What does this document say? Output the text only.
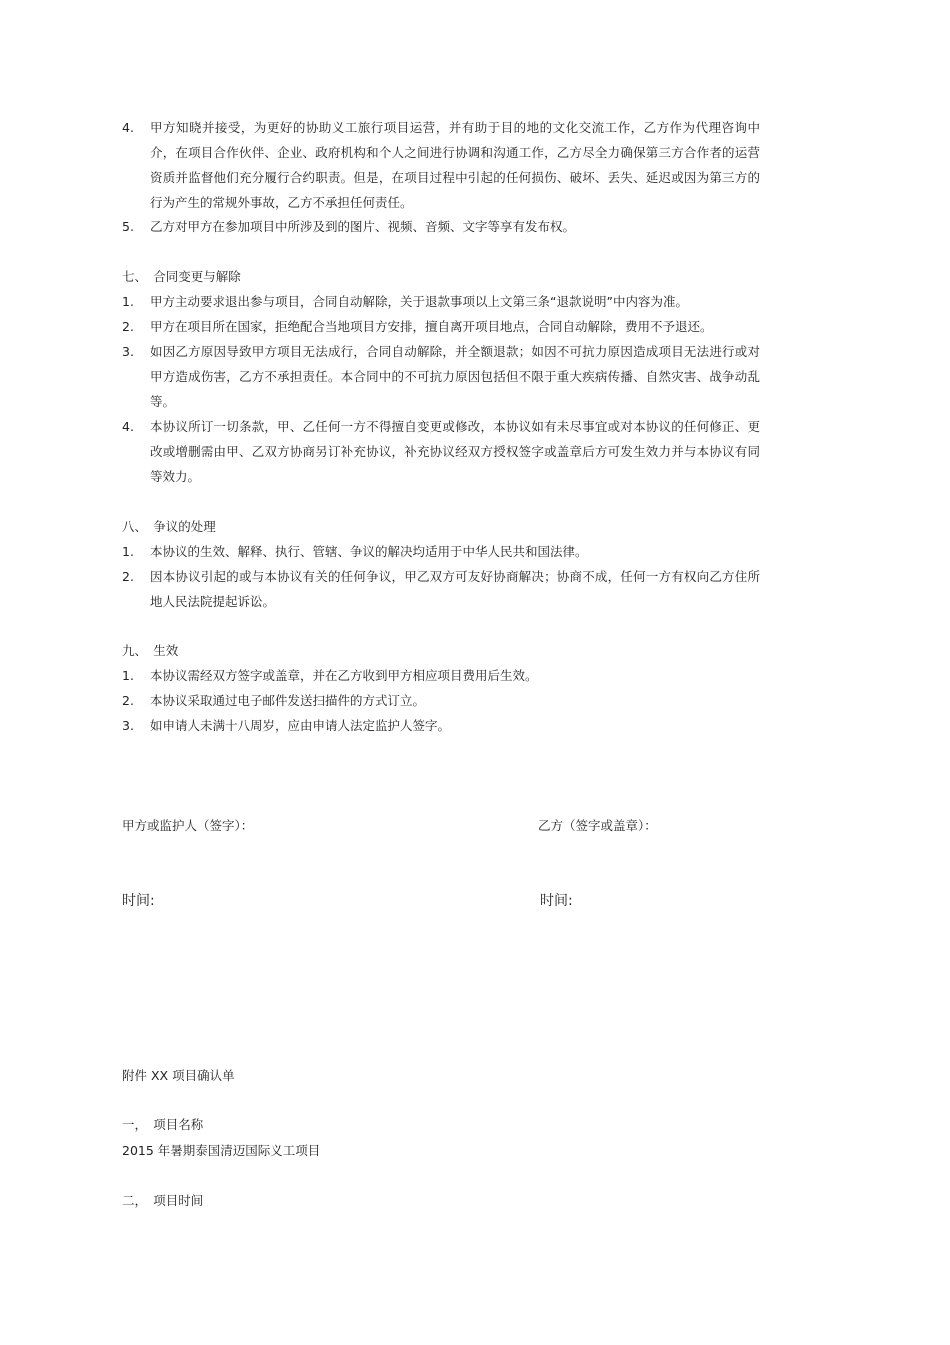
4. 甲方知晓并接受，为更好的协助义工旅行项目运营，并有助于目的地的文化交流工作，乙方作为代理咨询中介，在项目合作伙伴、企业、政府机构和个人之间进行协调和沟通工作，乙方尽全力确保第三方合作者的运营资质并监督他们充分履行合约职责。但是，在项目过程中引起的任何损伤、破坏、丢失、延迟或因为第三方的行为产生的常规外事故，乙方不承担任何责任。
5. 乙方对甲方在参加项目中所涉及到的图片、视频、音频、文字等享有发布权。
七、　合同变更与解除
1. 甲方主动要求退出参与项目，合同自动解除，关于退款事项以上文第三条“退款说明”中内容为准。
2. 甲方在项目所在国家，拒绝配合当地项目方安排，擅自离开项目地点，合同自动解除，费用不予退还。
3. 如因乙方原因导致甲方项目无法成行，合同自动解除，并全额退款；如因不可抗力原因造成项目无法进行或对甲方造成伤害，乙方不承担责任。本合同中的不可抗力原因包括但不限于重大疾病传播、自然灾害、战争动乱等。
4. 本协议所订一切条款，甲、乙任何一方不得擅自变更或修改，本协议如有未尽事宜或对本协议的任何修正、更改或增删需由甲、乙双方协商另订补充协议，补充协议经双方授权签字或盖章后方可发生效力并与本协议有同等效力。
八、　争议的处理
1. 本协议的生效、解释、执行、管辖、争议的解决均适用于中华人民共和国法律。
2. 因本协议引起的或与本协议有关的任何争议，甲乙双方可友好协商解决；协商不成，任何一方有权向乙方住所地人民法院提起诉讼。
九、　生效
1. 本协议需经双方签字或盖章，并在乙方收到甲方相应项目费用后生效。
2. 本协议采取通过电子邮件发送扫描件的方式订立。
3. 如申请人未满十八周岁，应由申请人法定监护人签字。
甲方或监护人（签字）：	乙方（签字或盖章）：
时间:	时间:
附件 XX 项目确认单
一，　项目名称
2015 年暑期泰国清迈国际义工项目
二，　项目时间
